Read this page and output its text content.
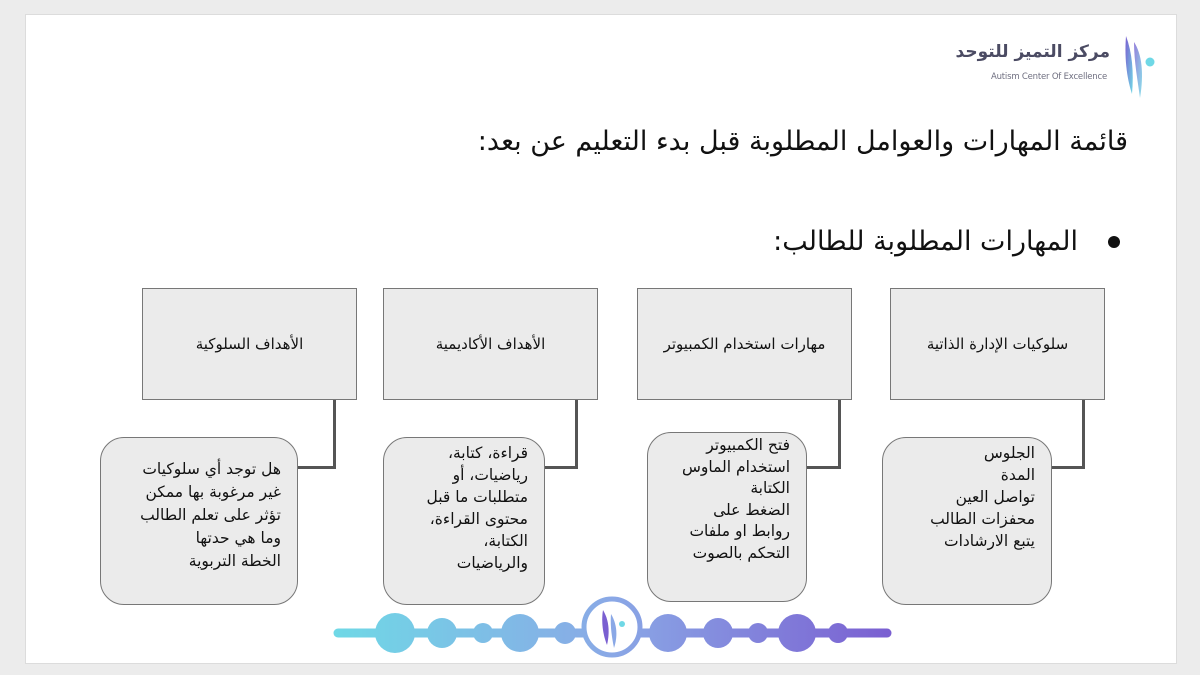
مركز التميز للتوحد
Autism Center Of Excellence
قائمة المهارات والعوامل المطلوبة قبل بدء التعليم عن بعد:
المهارات المطلوبة للطالب:
سلوكيات الإدارة الذاتية
الجلوس
المدة
تواصل العين
محفزات الطالب
يتبع الارشادات
مهارات استخدام الكمبيوتر
فتح الكمبيوتر
استخدام الماوس
الكتابة
الضغط على
روابط او ملفات
التحكم بالصوت
الأهداف الأكاديمية
قراءة، كتابة،
رياضيات، أو
متطلبات ما قبل
محتوى القراءة،
الكتابة،
والرياضيات
الأهداف السلوكية
هل توجد أي سلوكيات
غير مرغوبة بها ممكن
تؤثر على تعلم الطالب
وما هي حدتها
الخطة التربوية
